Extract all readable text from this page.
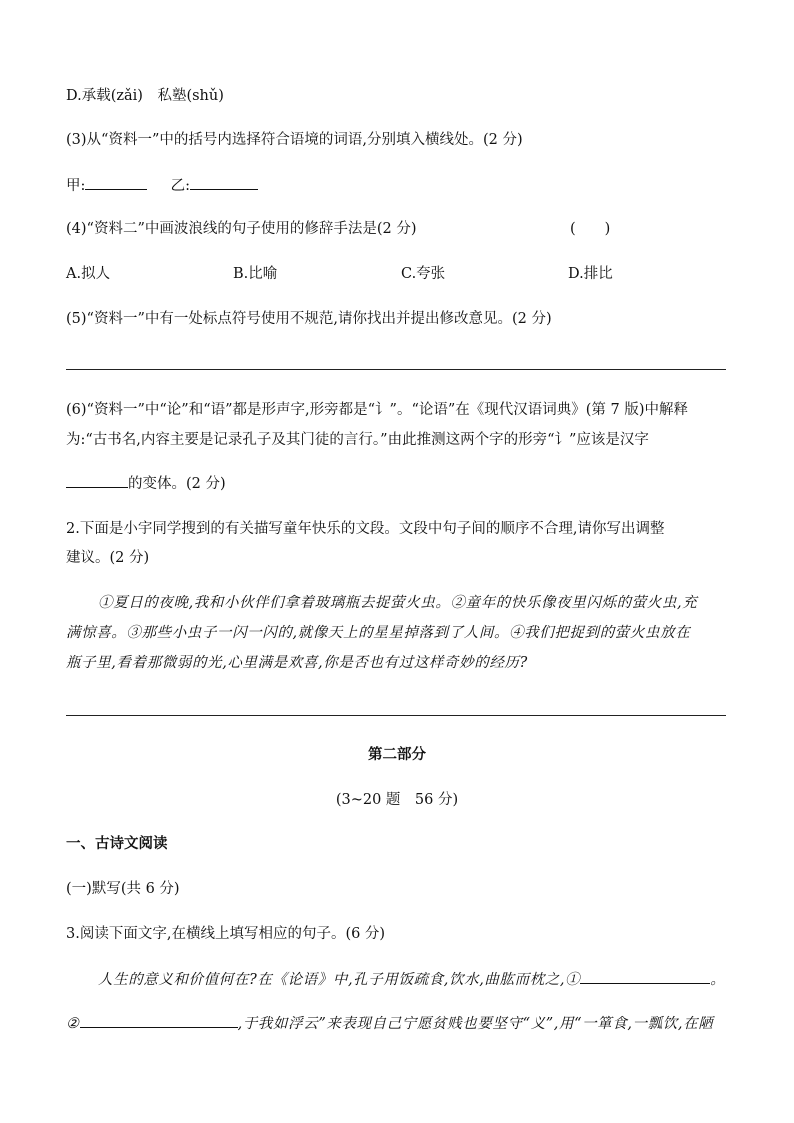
D.承载(zǎi)　私塾(shǔ)
(3)从“资料一”中的括号内选择符合语境的词语,分别填入横线处。(2 分)
甲:	乙:
(4)“资料二”中画波浪线的句子使用的修辞手法是(2 分)	(　　)
A.拟人	B.比喻	C.夸张	D.排比
(5)“资料一”中有一处标点符号使用不规范,请你找出并提出修改意见。(2 分)
(6)“资料一”中“论”和“语”都是形声字,形旁都是“讠”。“论语”在《现代汉语词典》(第 7 版)中解释
为:“古书名,内容主要是记录孔子及其门徒的言行。”由此推测这两个字的形旁“讠”应该是汉字
的变体。(2 分)
2.下面是小宇同学搜到的有关描写童年快乐的文段。文段中句子间的顺序不合理,请你写出调整
建议。(2 分)
①夏日的夜晚,我和小伙伴们拿着玻璃瓶去捉萤火虫。②童年的快乐像夜里闪烁的萤火虫,充
满惊喜。③那些小虫子一闪一闪的,就像天上的星星掉落到了人间。④我们把捉到的萤火虫放在
瓶子里,看着那微弱的光,心里满是欢喜,你是否也有过这样奇妙的经历?
第二部分
(3~20 题　56 分)
一、古诗文阅读
(一)默写(共 6 分)
3.阅读下面文字,在横线上填写相应的句子。(6 分)
人生的意义和价值何在?在《论语》中,孔子用饭疏食,饮水,曲肱而枕之,①	。
②	,于我如浮云”来表现自己宁愿贫贱也要坚守“义”,用“一箪食,一瓢饮,在陋
